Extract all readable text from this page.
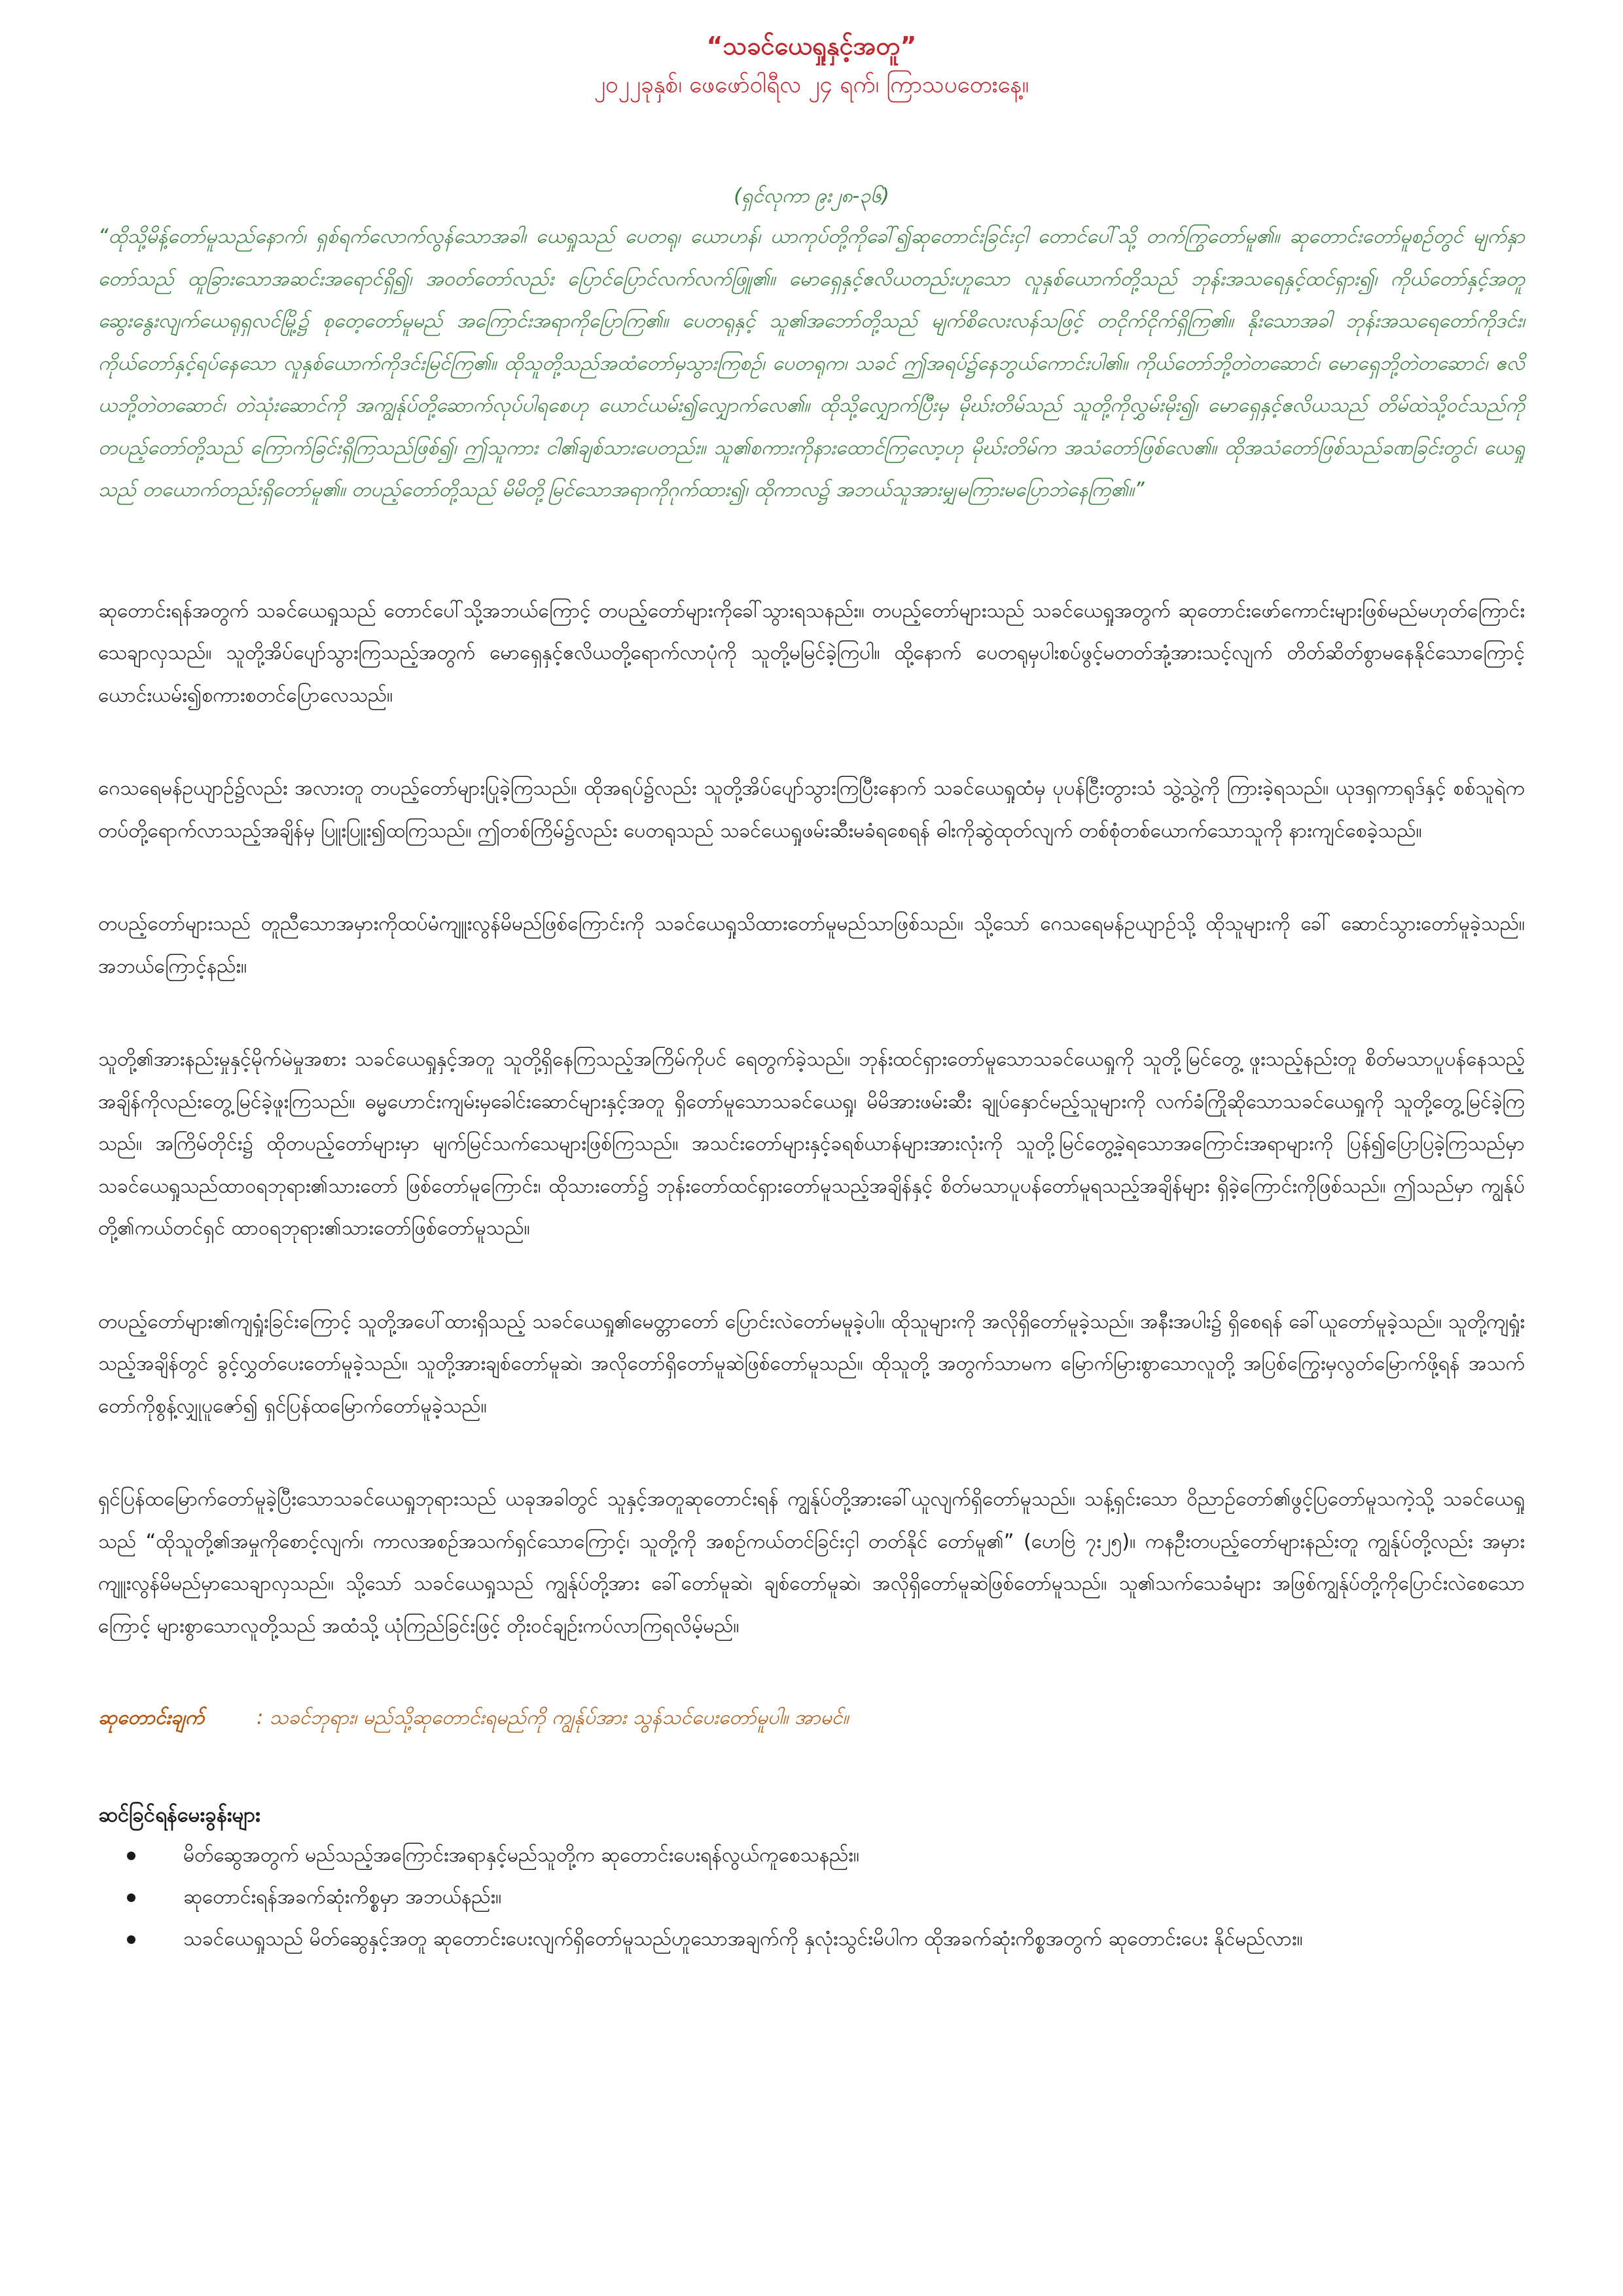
“သခင်ယေရှုနှင့်အတူ”

၂၀၂၂ခုနှစ်၊ ဖေဖော်ဝါရီလ ၂၄ ရက်၊ ကြာသပတေးနေ့။

(ရှင်လုကာ ၉း၂၈-၃၆)

“ထိုသို့မိန့်တော်မူသည်နောက်၊ ရှစ်ရက်လောက်လွန်သောအခါ၊ ယေရှုသည် ပေတရု၊ ယောဟန်၊ ယာကုပ်တို့ကိုခေါ်၍ဆုတောင်းခြင်းငှါ တောင်ပေါ်သို့ တက်ကြွတော်မူ၏။ ဆုတောင်းတော်မူစဉ်တွင် မျက်နှာတော်သည် ထူခြားသောအဆင်းအရောင်ရှိ၍၊ အဝတ်တော်လည်း ပြောင်ပြောင်လက်လက်ဖြူ၏။ မောရှေနှင့်ဧလိယတည်းဟူသော လူနှစ်ယောက်တို့သည် ဘုန်းအသရေနှင့်ထင်ရှား၍၊ ကိုယ်တော်နှင့်အတူဆွေးနွေးလျက်ယေရုရှလင်မြို့၌ စုတေ့တော်မူမည် အကြောင်းအရာကိုပြောကြ၏။ ပေတရုနှင့် သူ၏အဘော်တို့သည် မျက်စိလေးလန်သဖြင့် တငိုက်ငိုက်ရှိကြ၏။ နိုးသောအခါ ဘုန်းအသရေတော်ကိုဒင်း၊ ကိုယ်တော်နှင့်ရပ်နေသော လူနှစ်ယောက်ကိုဒင်းမြင်ကြ၏။ ထိုသူတို့သည်အထံတော်မှသွားကြစဉ်၊ ပေတရုက၊ သခင် ဤအရပ်၌နေဘွယ်ကောင်းပါ၏။ ကိုယ်တော်ဘို့တဲတဆောင်၊ မောရှေဘို့တဲတဆောင်၊ ဧလိယဘို့တဲတဆောင်၊ တဲသုံးဆောင်ကို အကျွန်ုပ်တို့ဆောက်လုပ်ပါရစေဟု ယောင်ယမ်း၍လျှောက်လေ၏။ ထိုသို့လျှောက်ပြီးမှ မိုဃ်းတိမ်သည် သူတို့ကိုလွှမ်းမိုး၍၊ မောရှေနှင့်ဧလိယသည် တိမ်ထဲသို့ဝင်သည်ကို တပည့်တော်တို့သည် ကြောက်ခြင်းရှိကြသည်ဖြစ်၍၊ ဤသူကား ငါ၏ချစ်သားပေတည်း။ သူ၏စကားကိုနားထောင်ကြလော့ဟု မိုဃ်းတိမ်က အသံတော်ဖြစ်လေ၏။ ထိုအသံတော်ဖြစ်သည်ခဏခြင်းတွင်၊ ယေရှုသည် တယောက်တည်းရှိတော်မူ၏။ တပည့်တော်တို့သည် မိမိတို့မြင်သောအရာကိုဂုက်ထား၍၊ ထိုကာလ၌ အဘယ်သူအားမျှမကြားမပြောဘဲနေကြ၏။”

ဆုတောင်းရန်အတွက် သခင်ယေရှုသည် တောင်ပေါ်သို့အဘယ်ကြောင့် တပည့်တော်များကိုခေါ်သွားရသနည်း။ တပည့်တော်များသည် သခင်ယေရှုအတွက် ဆုတောင်းဖော်ကောင်းများဖြစ်မည်မဟုတ်ကြောင်း သေချာလှသည်။ သူတို့အိပ်ပျော်သွားကြသည့်အတွက် မောရှေနှင့်ဧလိယတို့ရောက်လာပုံကို သူတို့မမြင်ခဲ့ကြပါ။ ထို့နောက် ပေတရုမှပါးစပ်ဖွင့်မတတ်အုံ့အားသင့်လျက် တိတ်ဆိတ်စွာမနေနိုင်သောကြောင့် ယောင်းယမ်း၍စကားစတင်ပြောလေသည်။

ဂေသရေမန်ဥယျာဉ်၌လည်း အလားတူ တပည့်တော်များပြုခဲ့ကြသည်။ ထိုအရပ်၌လည်း သူတို့အိပ်ပျော်သွားကြပြီးနောက် သခင်ယေရှုထံမှ ပုပန်ငြီးတွားသံ သွဲ့သွဲ့ကို ကြားခဲ့ရသည်။ ယုဒရှကာရုဒ်နှင့် စစ်သူရဲကတပ်တို့ရောက်လာသည့်အချိန်မှ ပြူးပြူး၍ထကြသည်။ ဤတစ်ကြိမ်၌လည်း ပေတရုသည် သခင်ယေရှုဖမ်းဆီးမခံရစေရန် ဓါးကိုဆွဲထုတ်လျက် တစ်စုံတစ်ယောက်သောသူကို နားကျင်စေခဲ့သည်။

တပည့်တော်များသည် တူညီသောအမှားကိုထပ်မံကျူးလွန်မိမည်ဖြစ်ကြောင်းကို သခင်ယေရှုသိထားတော်မူမည်သာဖြစ်သည်။ သို့သော် ဂေသရေမန်ဥယျာဉ်သို့ ထိုသူများကို ခေါ် ဆောင်သွားတော်မူခဲ့သည်။ အဘယ်ကြောင့်နည်း။

သူတို့၏အားနည်းမှုနှင့်မိုက်မဲမှုအစား သခင်ယေရှုနှင့်အတူ သူတို့ရှိနေကြသည့်အကြိမ်ကိုပင် ရေတွက်ခဲ့သည်။ ဘုန်းထင်ရှားတော်မူသောသခင်ယေရှုကို သူတို့မြင်တွေ့ ဖူးသည့်နည်းတူ စိတ်မသာပူပန်နေသည့်အချိန်ကိုလည်းတွေ့မြင်ခဲ့ဖူးကြသည်။ ဓမ္မဟောင်းကျမ်းမှခေါင်းဆောင်များနှင့်အတူ ရှိတော်မူသောသခင်ယေရှု၊ မိမိအားဖမ်းဆီး ချုပ်နှောင်မည့်သူများကို လက်ခံကြိုဆိုသောသခင်ယေရှုကို သူတို့တွေ့မြင်ခဲ့ကြသည်။ အကြိမ်တိုင်း၌ ထိုတပည့်တော်များမှာ မျက်မြင်သက်သေများဖြစ်ကြသည်။ အသင်းတော်များနှင့်ခရစ်ယာန်များအားလုံးကို သူတို့မြင်တွေ့ခဲ့ရသောအကြောင်းအရာများကို ပြန်၍ပြောပြခဲ့ကြသည်မှာ သခင်ယေရှုသည်ထာဝရဘုရား၏သားတော် ဖြစ်တော်မူကြောင်း၊ ထိုသားတော်၌ ဘုန်းတော်ထင်ရှားတော်မူသည့်အချိန်နှင့် စိတ်မသာပူပန်တော်မူရသည့်အချိန်များ ရှိခဲ့ကြောင်းကိုဖြစ်သည်။ ဤသည်မှာ ကျွန်ုပ်တို့၏ကယ်တင်ရှင် ထာဝရဘုရား၏သားတော်ဖြစ်တော်မူသည်။

တပည့်တော်များ၏ကျရှုံးခြင်းကြောင့် သူတို့အပေါ်ထားရှိသည့် သခင်ယေရှု၏မေတ္တာတော် ပြောင်းလဲတော်မမူခဲ့ပါ။ ထိုသူများကို အလိုရှိတော်မူခဲ့သည်။ အနီးအပါး၌ ရှိစေရန် ခေါ်ယူတော်မူခဲ့သည်။ သူတို့ကျရှုံးသည့်အချိန်တွင် ခွင့်လွှတ်ပေးတော်မူခဲ့သည်။ သူတို့အားချစ်တော်မူဆဲ၊ အလိုတော်ရှိတော်မူဆဲဖြစ်တော်မူသည်။ ထိုသူတို့ အတွက်သာမက မြောက်မြားစွာသောလူတို့ အပြစ်ကြွေးမှလွတ်မြောက်ဖို့ရန် အသက်တော်ကိုစွန့်လျှုပူဇော်၍ ရှင်ပြန်ထမြောက်တော်မူခဲ့သည်။

ရှင်ပြန်ထမြောက်တော်မူခဲ့ပြီးသောသခင်ယေရှုဘုရားသည် ယခုအခါတွင် သူနှင့်အတူဆုတောင်းရန် ကျွန်ုပ်တို့အားခေါ်ယူလျက်ရှိတော်မူသည်။ သန့်ရှင်းသော ဝိညာဉ်တော်၏ဖွင့်ပြတော်မူသကဲ့သို့ သခင်ယေရှုသည် “ထိုသူတို့၏အမှုကိုစောင့်လျက်၊ ကာလအစဉ်အသက်ရှင်သောကြောင့်၊ သူတို့ကို အစဉ်ကယ်တင်ခြင်းငှါ တတ်နိုင် တော်မူ၏” (ဟေဗြဲ ၇း၂၅)။ ကနဦးတပည့်တော်များနည်းတူ ကျွန်ုပ်တို့လည်း အမှားကျူးလွန်မိမည်မှာသေချာလှသည်။ သို့သော် သခင်ယေရှုသည် ကျွန်ုပ်တို့အား ခေါ်တော်မူဆဲ၊ ချစ်တော်မူဆဲ၊ အလိုရှိတော်မူဆဲဖြစ်တော်မူသည်။ သူ၏သက်သေခံများ အဖြစ်ကျွန်ုပ်တို့ကိုပြောင်းလဲစေသောကြောင့် များစွာသောလူတို့သည် အထံသို့ ယုံကြည်ခြင်းဖြင့် တိုးဝင်ချဉ်းကပ်လာကြရလိမ့်မည်။

ဆုတောင်းချက်	: သခင်ဘုရား၊ မည်သို့ဆုတောင်းရမည်ကို ကျွန်ုပ်အား သွန်သင်ပေးတော်မူပါ။ အာမင်။

ဆင်ခြင်ရန်မေးခွန်းများ

မိတ်ဆွေအတွက် မည်သည့်အကြောင်းအရာနှင့်မည်သူတို့က ဆုတောင်းပေးရန်လွယ်ကူစေသနည်း။
ဆုတောင်းရန်အခက်ဆုံးကိစ္စမှာ အဘယ်နည်း။
သခင်ယေရှုသည် မိတ်ဆွေနှင့်အတူ ဆုတောင်းပေးလျက်ရှိတော်မူသည်ဟူသောအချက်ကို နှလုံးသွင်းမိပါက ထိုအခက်ဆုံးကိစ္စအတွက် ဆုတောင်းပေး နိုင်မည်လား။
